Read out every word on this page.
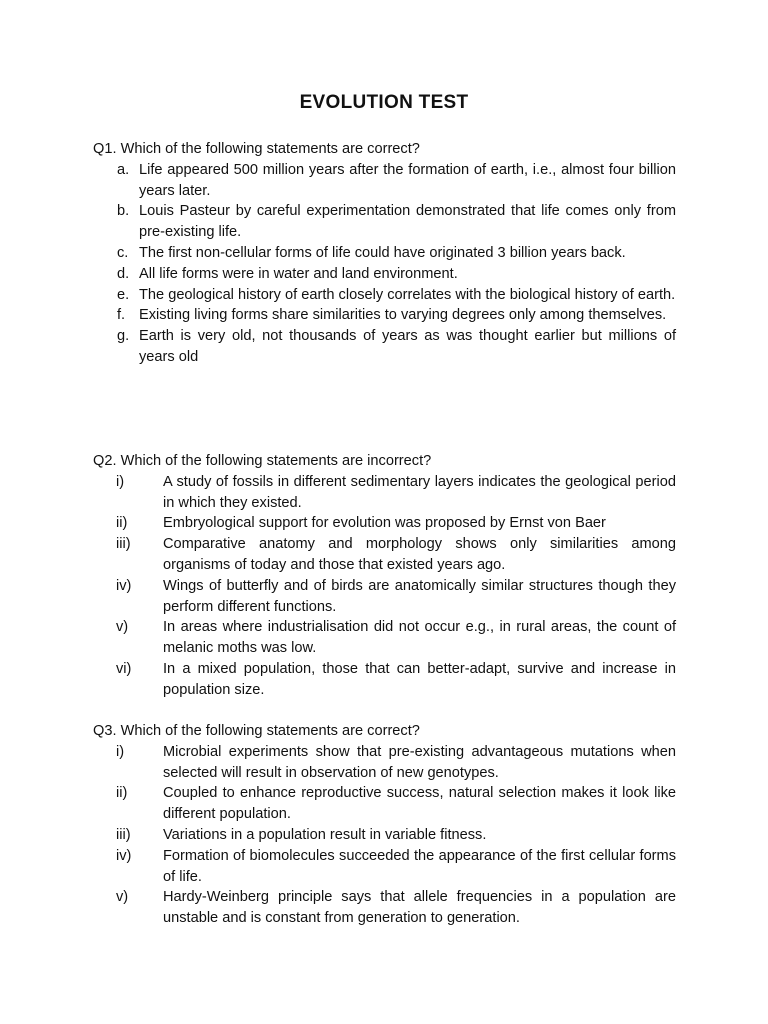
EVOLUTION TEST

Q1. Which of the following statements are correct?

a. Life appeared 500 million years after the formation of earth, i.e., almost four billion years later.
b. Louis Pasteur by careful experimentation demonstrated that life comes only from pre-existing life.
c. The first non-cellular forms of life could have originated 3 billion years back.
d. All life forms were in water and land environment.
e. The geological history of earth closely correlates with the biological history of earth.
f. Existing living forms share similarities to varying degrees only among themselves.
g. Earth is very old, not thousands of years as was thought earlier but millions of years old

Q2. Which of the following statements are incorrect?

i)	A study of fossils in different sedimentary layers indicates the geological period in which they existed.
ii) Embryological support for evolution was proposed by Ernst von Baer
iii) Comparative anatomy and morphology shows only similarities among organisms of today and those that existed years ago.
iv) Wings of butterfly and of birds are anatomically similar structures though they perform different functions.
v) In areas where industrialisation did not occur e.g., in rural areas, the count of melanic moths was low.
vi) In a mixed population, those that can better-adapt, survive and increase in population size.

Q3. Which of the following statements are correct?

i)	Microbial experiments show that pre-existing advantageous mutations when selected will result in observation of new genotypes.
ii) Coupled to enhance reproductive success, natural selection makes it look like different population.
iii) Variations in a population result in variable fitness.
iv) Formation of biomolecules succeeded the appearance of the first cellular forms of life.
v) Hardy-Weinberg principle says that allele frequencies in a population are unstable and is constant from generation to generation.
